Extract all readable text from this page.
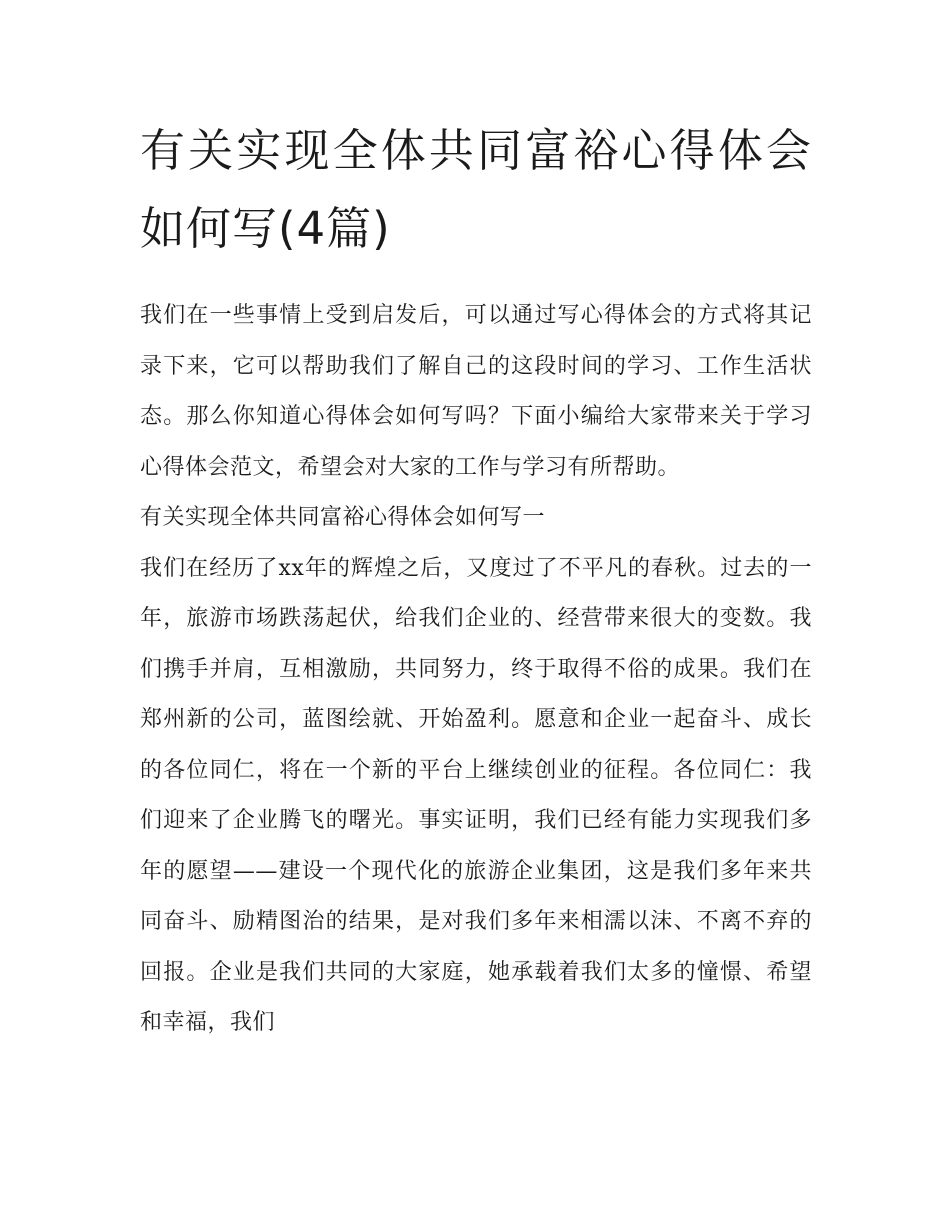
有关实现全体共同富裕心得体会如何写(4篇)

我们在一些事情上受到启发后，可以通过写心得体会的方式将其记录下来，它可以帮助我们了解自己的这段时间的学习、工作生活状态。那么你知道心得体会如何写吗？下面小编给大家带来关于学习心得体会范文，希望会对大家的工作与学习有所帮助。

有关实现全体共同富裕心得体会如何写一

我们在经历了xx年的辉煌之后，又度过了不平凡的春秋。过去的一年，旅游市场跌荡起伏，给我们企业的、经营带来很大的变数。我们携手并肩，互相激励，共同努力，终于取得不俗的成果。我们在郑州新的公司，蓝图绘就、开始盈利。愿意和企业一起奋斗、成长的各位同仁，将在一个新的平台上继续创业的征程。各位同仁：我们迎来了企业腾飞的曙光。事实证明，我们已经有能力实现我们多年的愿望——建设一个现代化的旅游企业集团，这是我们多年来共同奋斗、励精图治的结果，是对我们多年来相濡以沫、不离不弃的回报。企业是我们共同的大家庭，她承载着我们太多的憧憬、希望和幸福，我们
